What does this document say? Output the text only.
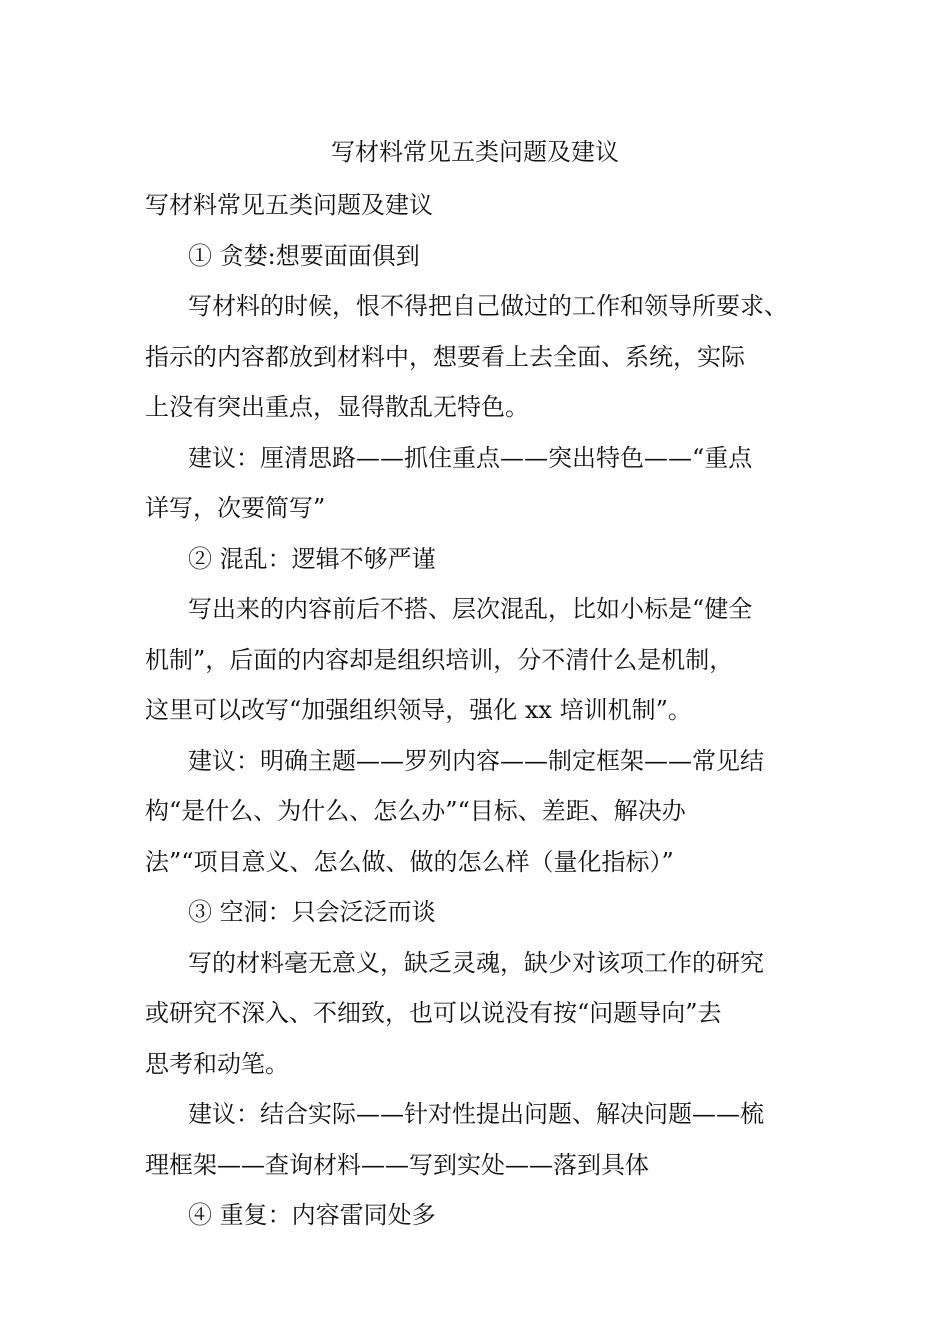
写材料常见五类问题及建议

写材料常见五类问题及建议

① 贪婪:想要面面俱到

写材料的时候，恨不得把自己做过的工作和领导所要求、

指示的内容都放到材料中，想要看上去全面、系统，实际

上没有突出重点，显得散乱无特色。

建议：厘清思路——抓住重点——突出特色——“重点

详写，次要简写”

② 混乱：逻辑不够严谨

写出来的内容前后不搭、层次混乱，比如小标是“健全

机制”，后面的内容却是组织培训，分不清什么是机制，

这里可以改写“加强组织领导，强化 xx 培训机制”。

建议：明确主题——罗列内容——制定框架——常见结

构“是什么、为什么、怎么办”“目标、差距、解决办

法”“项目意义、怎么做、做的怎么样（量化指标）”

③ 空洞：只会泛泛而谈

写的材料毫无意义，缺乏灵魂，缺少对该项工作的研究

或研究不深入、不细致，也可以说没有按“问题导向”去

思考和动笔。

建议：结合实际——针对性提出问题、解决问题——梳

理框架——查询材料——写到实处——落到具体

④ 重复：内容雷同处多
